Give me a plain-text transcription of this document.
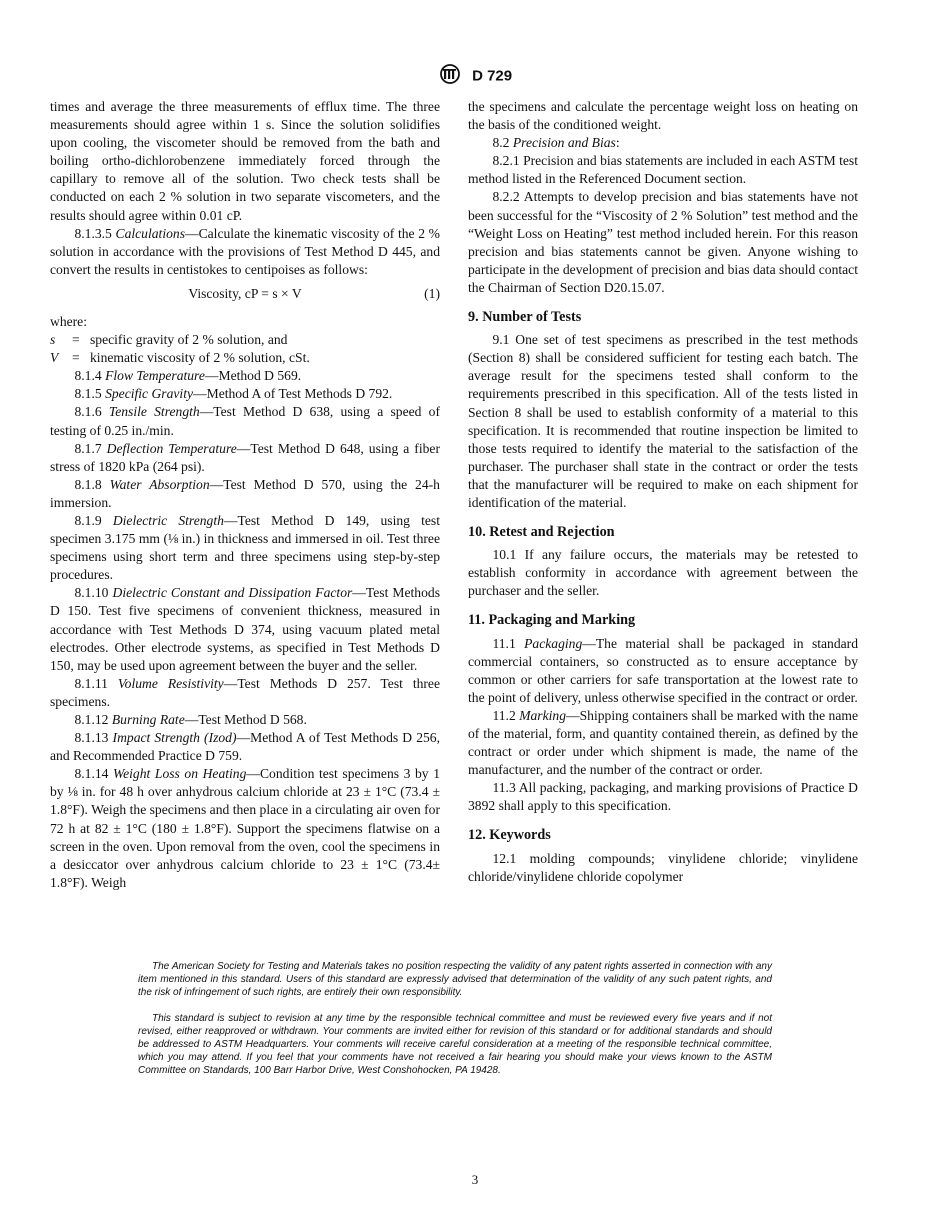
D 729

times and average the three measurements of efflux time. The three measurements should agree within 1 s. Since the solution solidifies upon cooling, the viscometer should be removed from the bath and boiling ortho-dichlorobenzene immediately forced through the capillary to remove all of the solution. Two check tests shall be conducted on each 2 % solution in two separate viscometers, and the results should agree within 0.01 cP.

8.1.3.5 Calculations—Calculate the kinematic viscosity of the 2 % solution in accordance with the provisions of Test Method D 445, and convert the results in centistokes to centipoises as follows:

Viscosity, cP = s × V	(1)
where:
s	= specific gravity of 2 % solution, and
V	= kinematic viscosity of 2 % solution, cSt.

8.1.4 Flow Temperature—Method D 569.

8.1.5 Specific Gravity—Method A of Test Methods D 792.

8.1.6 Tensile Strength—Test Method D 638, using a speed of testing of 0.25 in./min.

8.1.7 Deflection Temperature—Test Method D 648, using a fiber stress of 1820 kPa (264 psi).

8.1.8 Water Absorption—Test Method D 570, using the 24-h immersion.

8.1.9 Dielectric Strength—Test Method D 149, using test specimen 3.175 mm (⅛ in.) in thickness and immersed in oil. Test three specimens using short term and three specimens using step-by-step procedures.

8.1.10 Dielectric Constant and Dissipation Factor—Test Methods D 150. Test five specimens of convenient thickness, measured in accordance with Test Methods D 374, using vacuum plated metal electrodes. Other electrode systems, as specified in Test Methods D 150, may be used upon agreement between the buyer and the seller.

8.1.11 Volume Resistivity—Test Methods D 257. Test three specimens.

8.1.12 Burning Rate—Test Method D 568.

8.1.13 Impact Strength (Izod)—Method A of Test Methods D 256, and Recommended Practice D 759.

8.1.14 Weight Loss on Heating—Condition test specimens 3 by 1 by ⅛ in. for 48 h over anhydrous calcium chloride at 23 ± 1°C (73.4 ± 1.8°F). Weigh the specimens and then place in a circulating air oven for 72 h at 82 ± 1°C (180 ± 1.8°F). Support the specimens flatwise on a screen in the oven. Upon removal from the oven, cool the specimens in a desiccator over anhydrous calcium chloride to 23 ± 1°C (73.4± 1.8°F). Weigh

the specimens and calculate the percentage weight loss on heating on the basis of the conditioned weight.

8.2 Precision and Bias:

8.2.1 Precision and bias statements are included in each ASTM test method listed in the Referenced Document section.

8.2.2 Attempts to develop precision and bias statements have not been successful for the “Viscosity of 2 % Solution” test method and the “Weight Loss on Heating” test method included herein. For this reason precision and bias statements cannot be given. Anyone wishing to participate in the development of precision and bias data should contact the Chairman of Section D20.15.07.

9. Number of Tests

9.1 One set of test specimens as prescribed in the test methods (Section 8) shall be considered sufficient for testing each batch. The average result for the specimens tested shall conform to the requirements prescribed in this specification. All of the tests listed in Section 8 shall be used to establish conformity of a material to this specification. It is recommended that routine inspection be limited to those tests required to identify the material to the satisfaction of the purchaser. The purchaser shall state in the contract or order the tests that the manufacturer will be required to make on each shipment for identification of the material.

10. Retest and Rejection

10.1 If any failure occurs, the materials may be retested to establish conformity in accordance with agreement between the purchaser and the seller.

11. Packaging and Marking

11.1 Packaging—The material shall be packaged in standard commercial containers, so constructed as to ensure acceptance by common or other carriers for safe transportation at the lowest rate to the point of delivery, unless otherwise specified in the contract or order.

11.2 Marking—Shipping containers shall be marked with the name of the material, form, and quantity contained therein, as defined by the contract or order under which shipment is made, the name of the manufacturer, and the number of the contract or order.

11.3 All packing, packaging, and marking provisions of Practice D 3892 shall apply to this specification.

12. Keywords

12.1 molding compounds; vinylidene chloride; vinylidene chloride/vinylidene chloride copolymer

The American Society for Testing and Materials takes no position respecting the validity of any patent rights asserted in connection with any item mentioned in this standard. Users of this standard are expressly advised that determination of the validity of any such patent rights, and the risk of infringement of such rights, are entirely their own responsibility.

This standard is subject to revision at any time by the responsible technical committee and must be reviewed every five years and if not revised, either reapproved or withdrawn. Your comments are invited either for revision of this standard or for additional standards and should be addressed to ASTM Headquarters. Your comments will receive careful consideration at a meeting of the responsible technical committee, which you may attend. If you feel that your comments have not received a fair hearing you should make your views known to the ASTM Committee on Standards, 100 Barr Harbor Drive, West Conshohocken, PA 19428.

3
